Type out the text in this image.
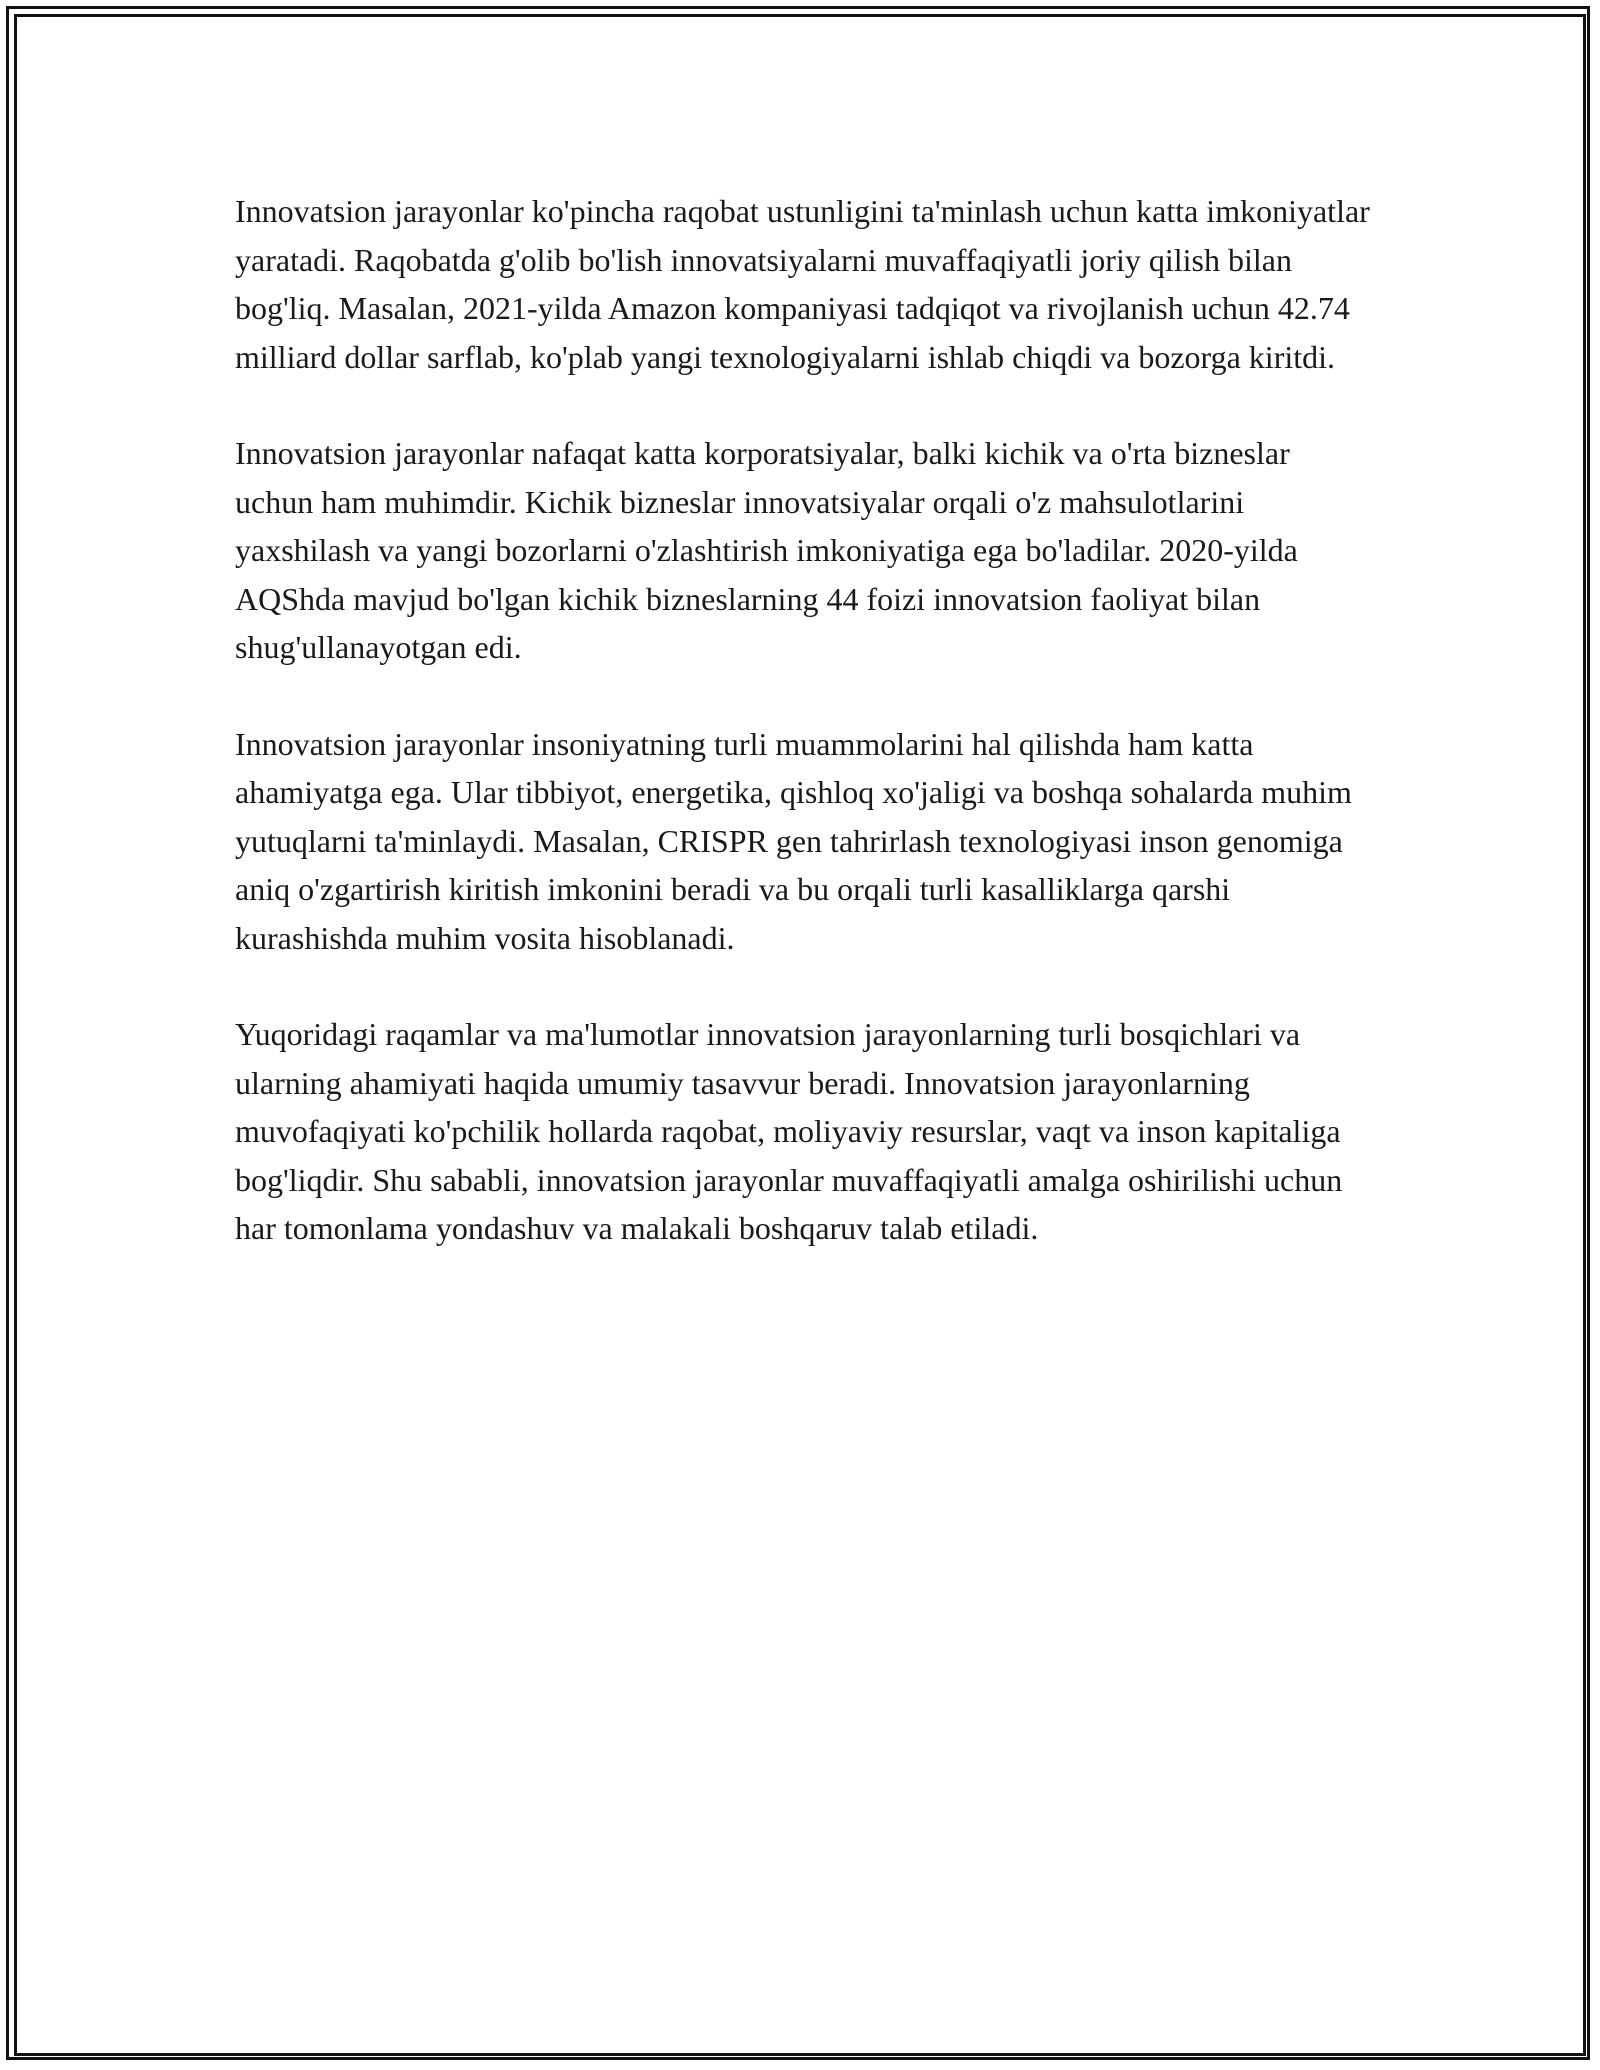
Innovatsion jarayonlar ko'pincha raqobat ustunligini ta'minlash uchun katta imkoniyatlar yaratadi. Raqobatda g'olib bo'lish innovatsiyalarni muvaffaqiyatli joriy qilish bilan bog'liq. Masalan, 2021-yilda Amazon kompaniyasi tadqiqot va rivojlanish uchun 42.74 milliard dollar sarflab, ko'plab yangi texnologiyalarni ishlab chiqdi va bozorga kiritdi.

Innovatsion jarayonlar nafaqat katta korporatsiyalar, balki kichik va o'rta bizneslar uchun ham muhimdir. Kichik bizneslar innovatsiyalar orqali o'z mahsulotlarini yaxshilash va yangi bozorlarni o'zlashtirish imkoniyatiga ega bo'ladilar. 2020-yilda AQShda mavjud bo'lgan kichik bizneslarning 44 foizi innovatsion faoliyat bilan shug'ullanayotgan edi.

Innovatsion jarayonlar insoniyatning turli muammolarini hal qilishda ham katta ahamiyatga ega. Ular tibbiyot, energetika, qishloq xo'jaligi va boshqa sohalarda muhim yutuqlarni ta'minlaydi. Masalan, CRISPR gen tahrirlash texnologiyasi inson genomiga aniq o'zgartirish kiritish imkonini beradi va bu orqali turli kasalliklarga qarshi kurashishda muhim vosita hisoblanadi.

Yuqoridagi raqamlar va ma'lumotlar innovatsion jarayonlarning turli bosqichlari va ularning ahamiyati haqida umumiy tasavvur beradi. Innovatsion jarayonlarning muvofaqiyati ko'pchilik hollarda raqobat, moliyaviy resurslar, vaqt va inson kapitaliga bog'liqdir. Shu sababli, innovatsion jarayonlar muvaffaqiyatli amalga oshirilishi uchun har tomonlama yondashuv va malakali boshqaruv talab etiladi.
